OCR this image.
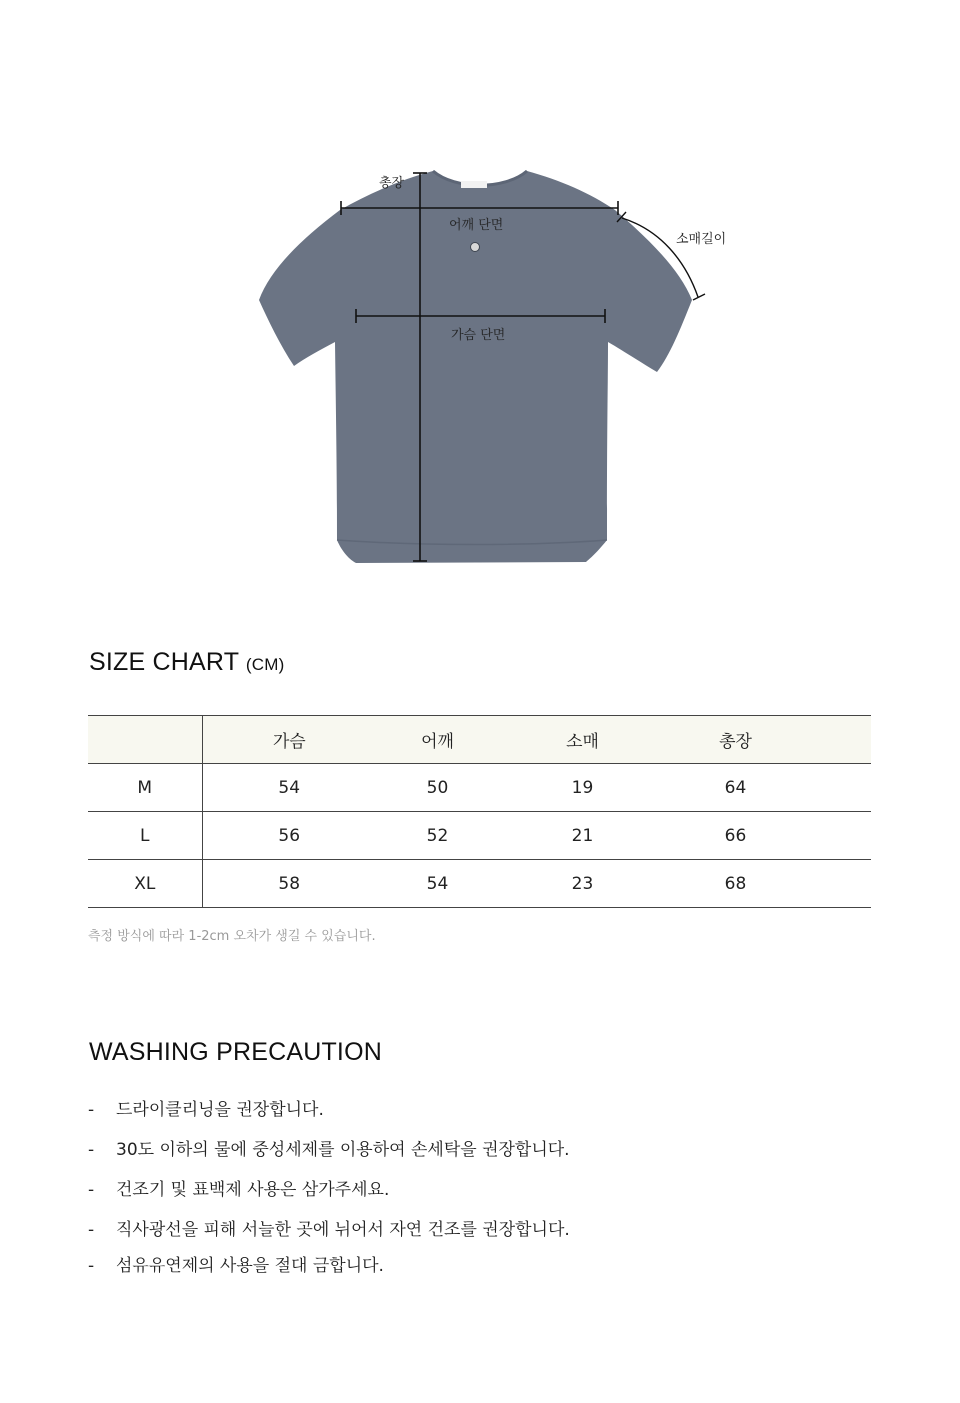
총장
어깨 단면
가슴 단면
소매길이
SIZE CHART (CM)
	가슴	어깨	소매	총장	
M	54	50	19	64	
L	56	52	21	66	
XL	58	54	23	68	

측정 방식에 따라 1-2cm 오차가 생길 수 있습니다.

WASHING PRECAUTION
-	드라이클리닝을 권장합니다.
-	30도 이하의 물에 중성세제를 이용하여 손세탁을 권장합니다.
-	건조기 및 표백제 사용은 삼가주세요.
-	직사광선을 피해 서늘한 곳에 뉘어서 자연 건조를 권장합니다.
-	섬유유연제의 사용을 절대 금합니다.
